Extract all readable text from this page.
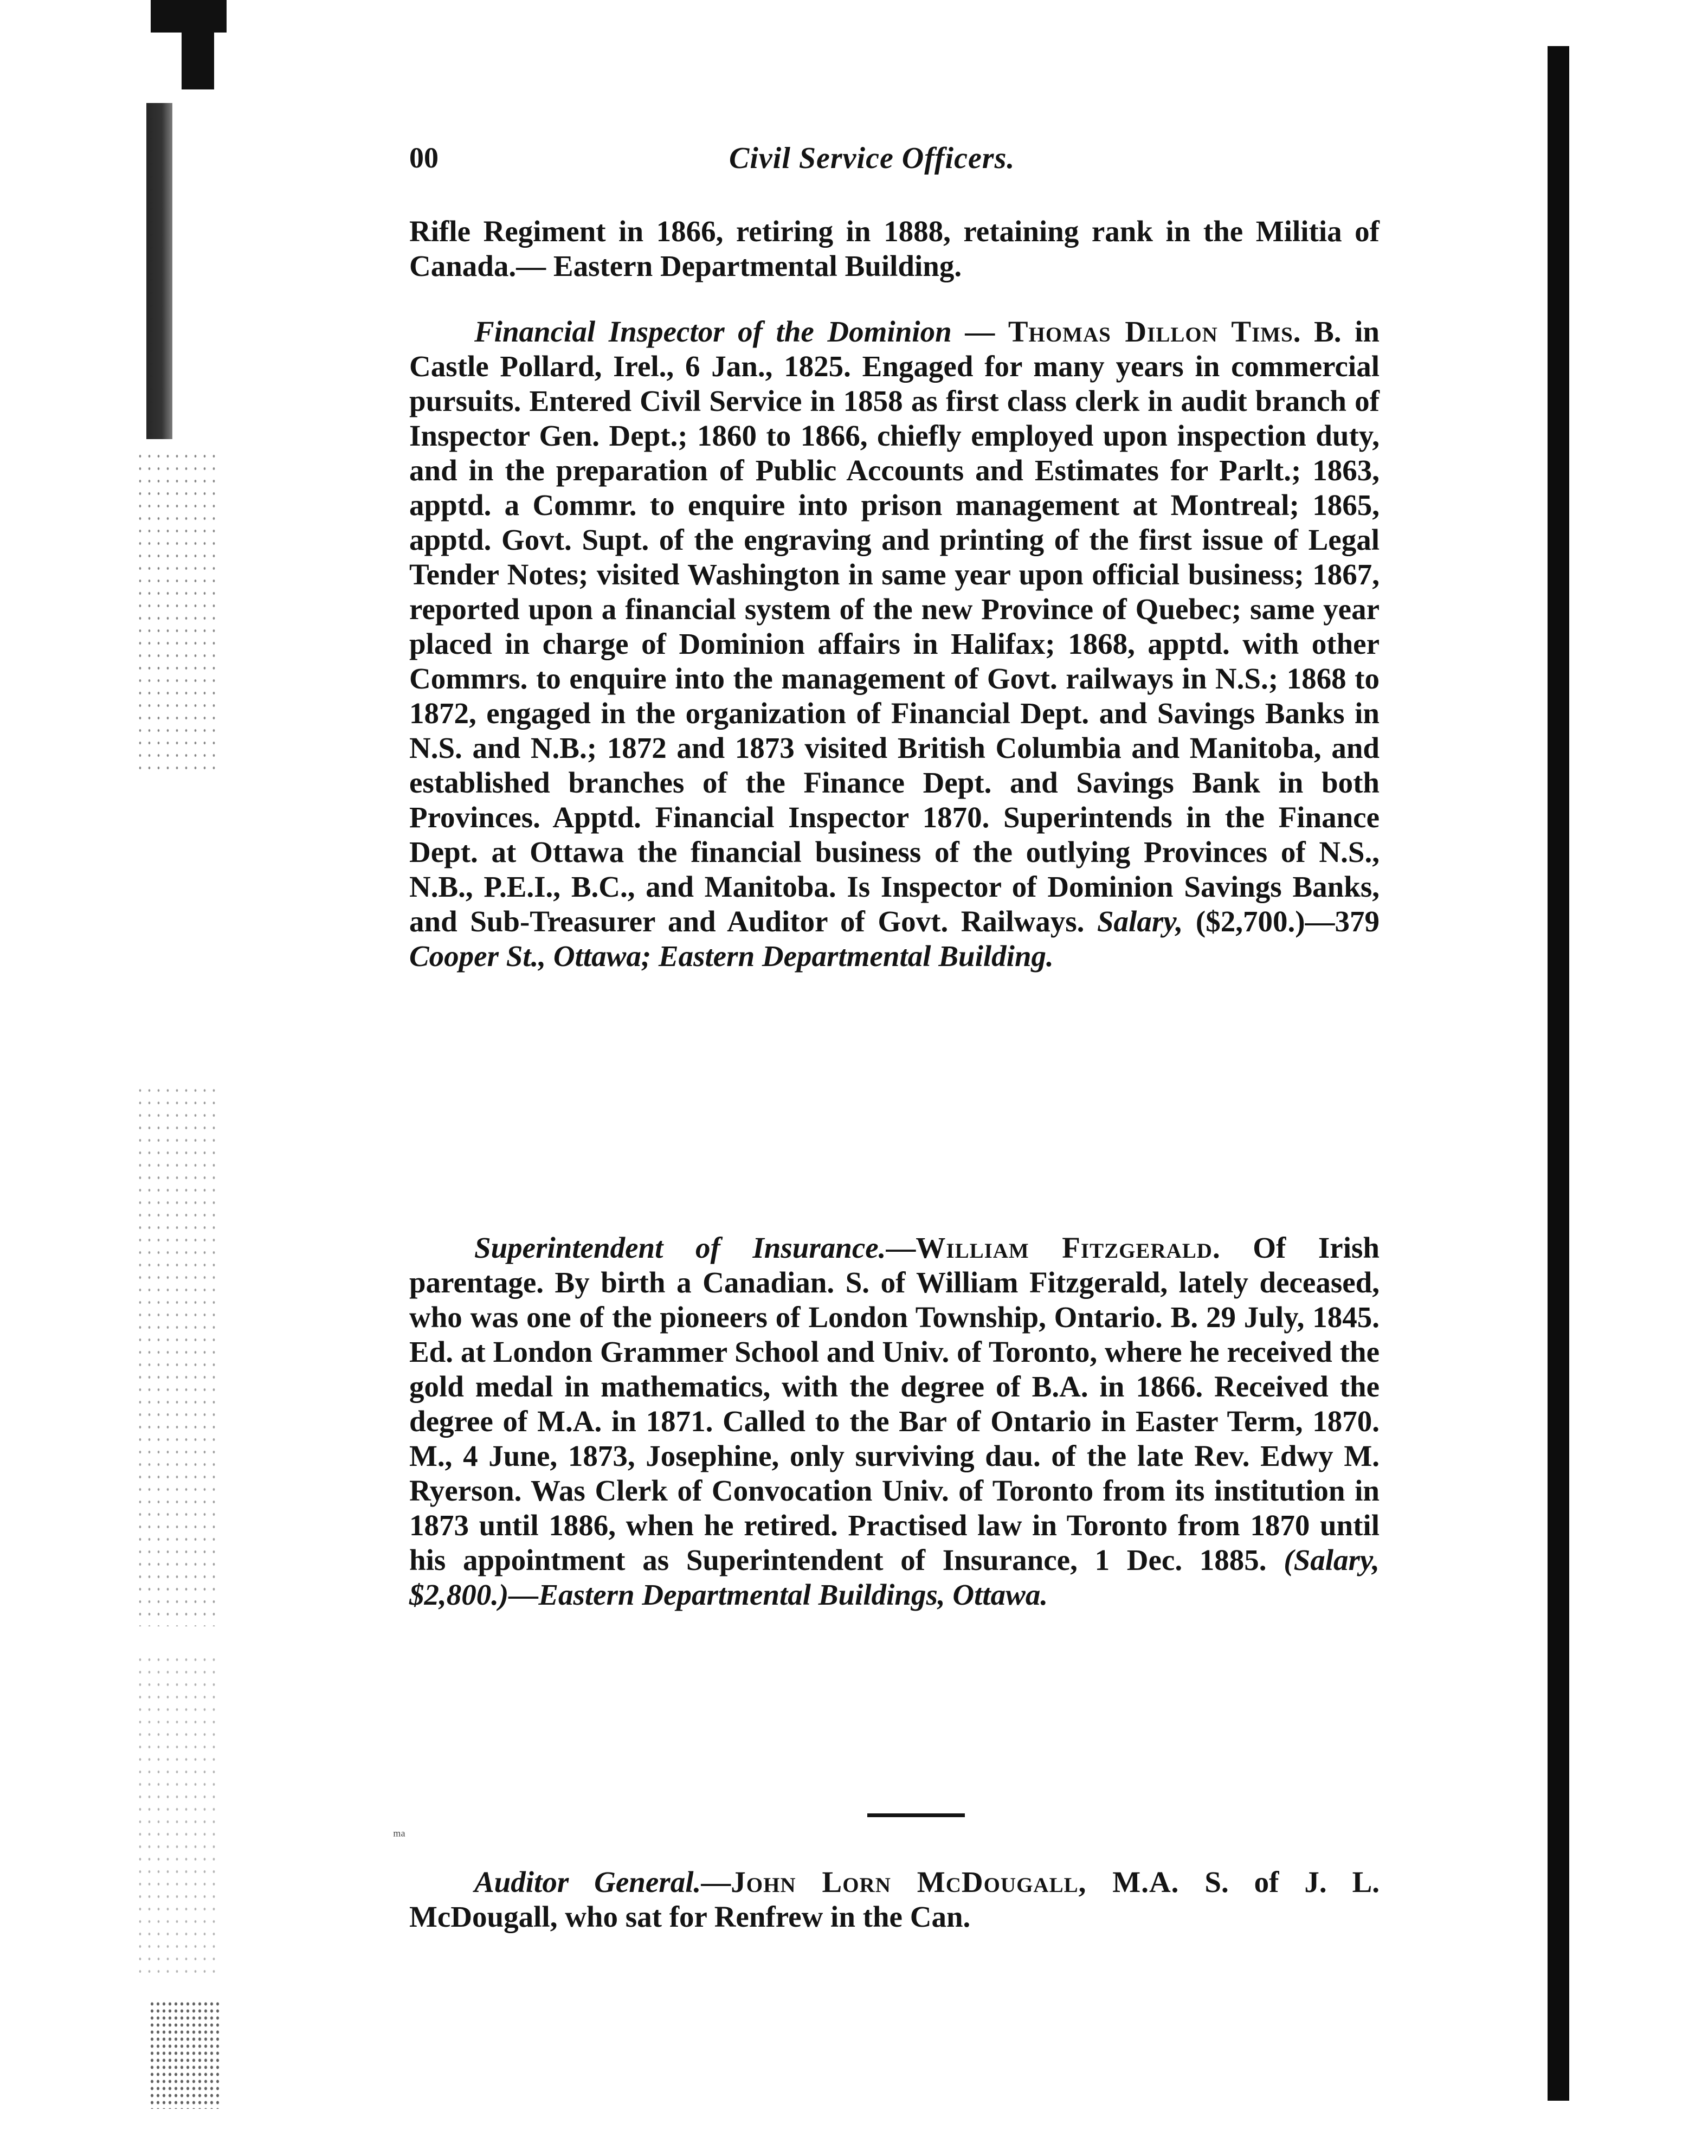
00	Civil Service Officers.

Rifle Regiment in 1866, retiring in 1888, retaining rank in the Militia of Canada.— Eastern Departmental Building.

Financial Inspector of the Dominion — Thomas Dillon Tims. B. in Castle Pollard, Irel., 6 Jan., 1825. Engaged for many years in commercial pursuits. Entered Civil Service in 1858 as first class clerk in audit branch of Inspector Gen. Dept.; 1860 to 1866, chiefly employed upon inspection duty, and in the preparation of Public Accounts and Estimates for Parlt.; 1863, apptd. a Commr. to enquire into prison management at Montreal; 1865, apptd. Govt. Supt. of the engraving and printing of the first issue of Legal Tender Notes; visited Washington in same year upon official business; 1867, reported upon a financial system of the new Province of Quebec; same year placed in charge of Dominion affairs in Halifax; 1868, apptd. with other Commrs. to enquire into the management of Govt. railways in N.S.; 1868 to 1872, engaged in the organization of Financial Dept. and Savings Banks in N.S. and N.B.; 1872 and 1873 visited British Columbia and Manitoba, and established branches of the Finance Dept. and Savings Bank in both Provinces. Apptd. Financial Inspector 1870. Superintends in the Finance Dept. at Ottawa the financial business of the outlying Provinces of N.S., N.B., P.E.I., B.C., and Manitoba. Is Inspector of Dominion Savings Banks, and Sub-Treasurer and Auditor of Govt. Railways. Salary, ($2,700.)—379 Cooper St., Ottawa; Eastern Departmental Building.

Superintendent of Insurance.—William Fitzgerald. Of Irish parentage. By birth a Canadian. S. of William Fitzgerald, lately deceased, who was one of the pioneers of London Township, Ontario. B. 29 July, 1845. Ed. at London Grammer School and Univ. of Toronto, where he received the gold medal in mathematics, with the degree of B.A. in 1866. Received the degree of M.A. in 1871. Called to the Bar of Ontario in Easter Term, 1870. M., 4 June, 1873, Josephine, only surviving dau. of the late Rev. Edwy M. Ryerson. Was Clerk of Convocation Univ. of Toronto from its institution in 1873 until 1886, when he retired. Practised law in Toronto from 1870 until his appointment as Superintendent of Insurance, 1 Dec. 1885. (Salary, $2,800.)—Eastern Departmental Buildings, Ottawa.

ᵐᵃ

Auditor General.—John Lorn McDougall, M.A. S. of J. L. McDougall, who sat for Renfrew in the Can.
